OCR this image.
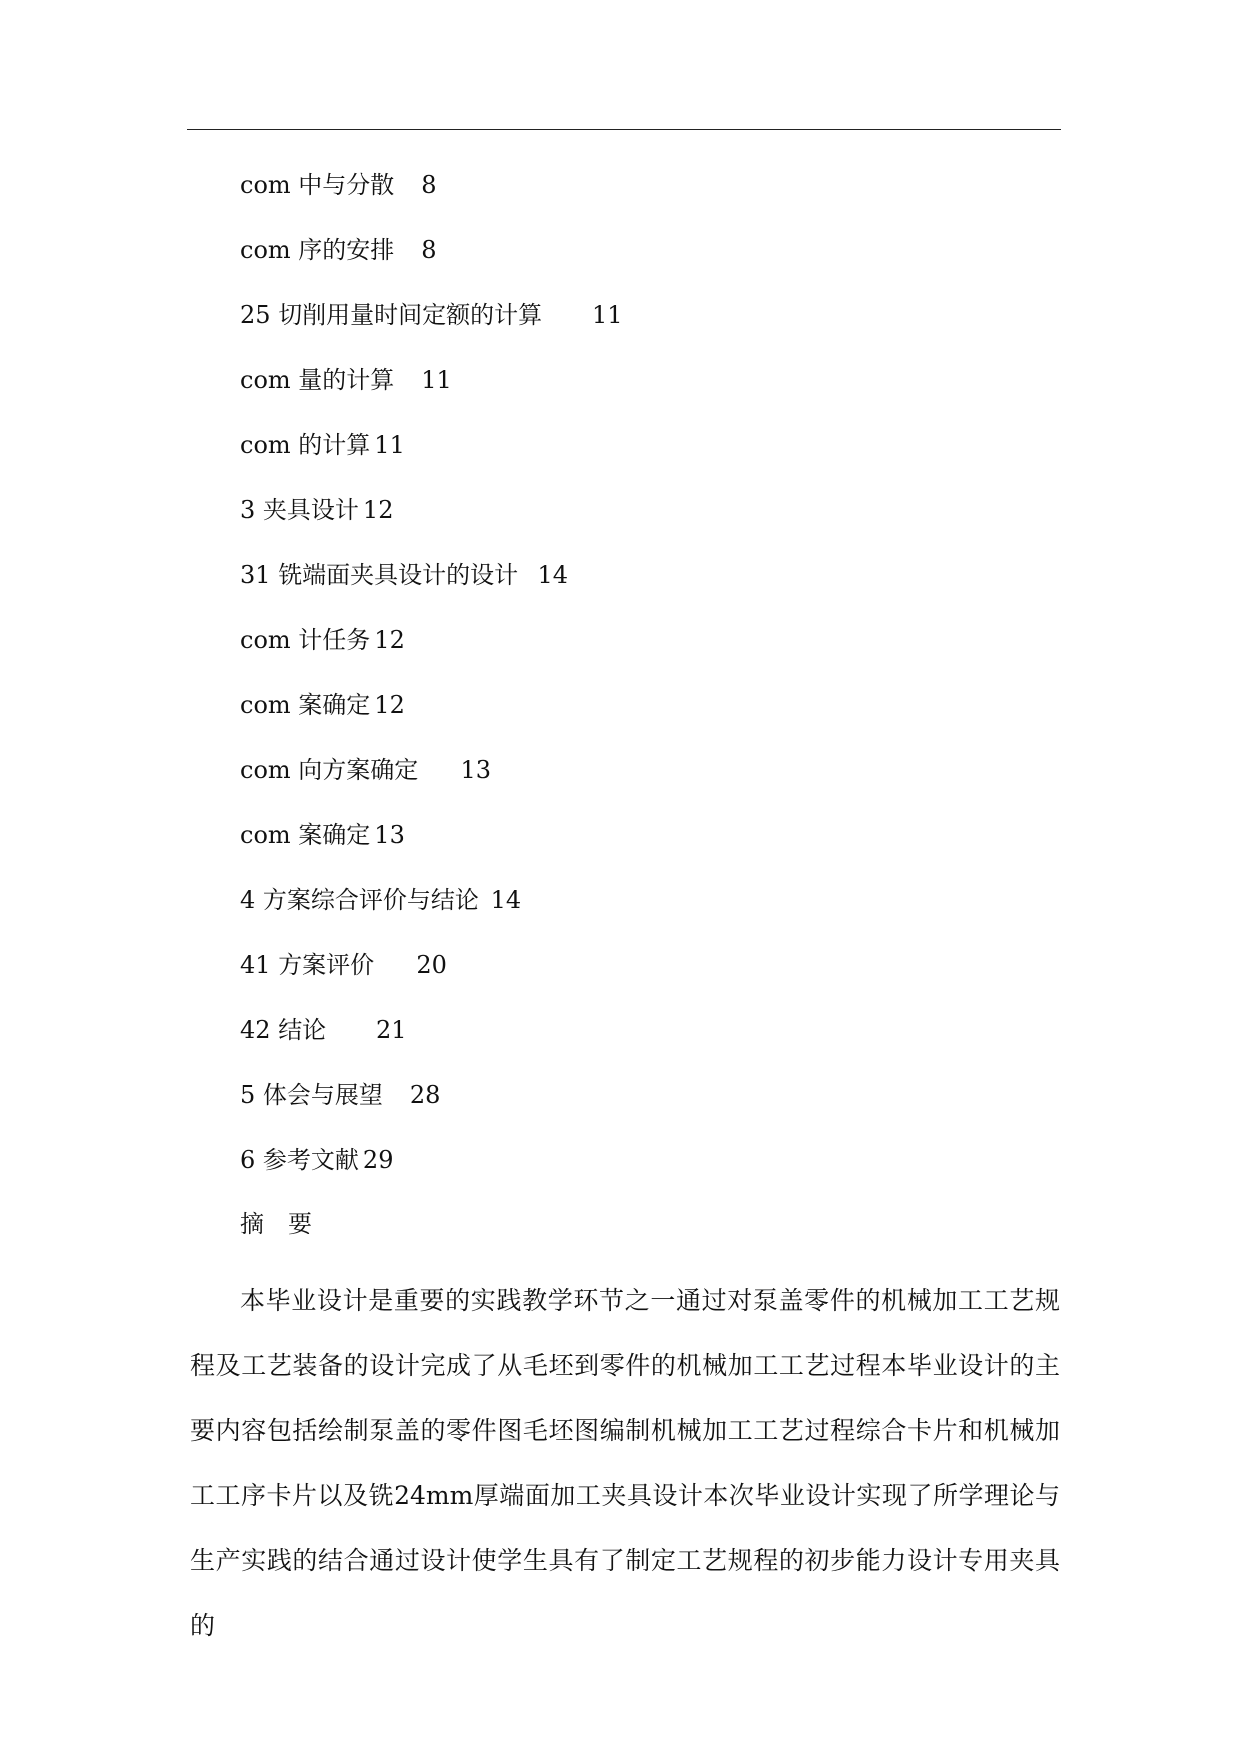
com 中与分散 8
com 序的安排 8
25 切削用量时间定额的计算 11
com 量的计算 11
com 的计算 11
3 夹具设计 12
31 铣端面夹具设计的设计 14
com 计任务 12
com 案确定 12
com 向方案确定 13
com 案确定 13
4 方案综合评价与结论 14
41 方案评价 20
42 结论 21
5 体会与展望 28
6 参考文献 29
摘　要

本毕业设计是重要的实践教学环节之一通过对泵盖零件的机械加工工艺规程及工艺装备的设计完成了从毛坯到零件的机械加工工艺过程本毕业设计的主要内容包括绘制泵盖的零件图毛坯图编制机械加工工艺过程综合卡片和机械加工工序卡片以及铣24mm厚端面加工夹具设计本次毕业设计实现了所学理论与生产实践的结合通过设计使学生具有了制定工艺规程的初步能力设计专用夹具的
